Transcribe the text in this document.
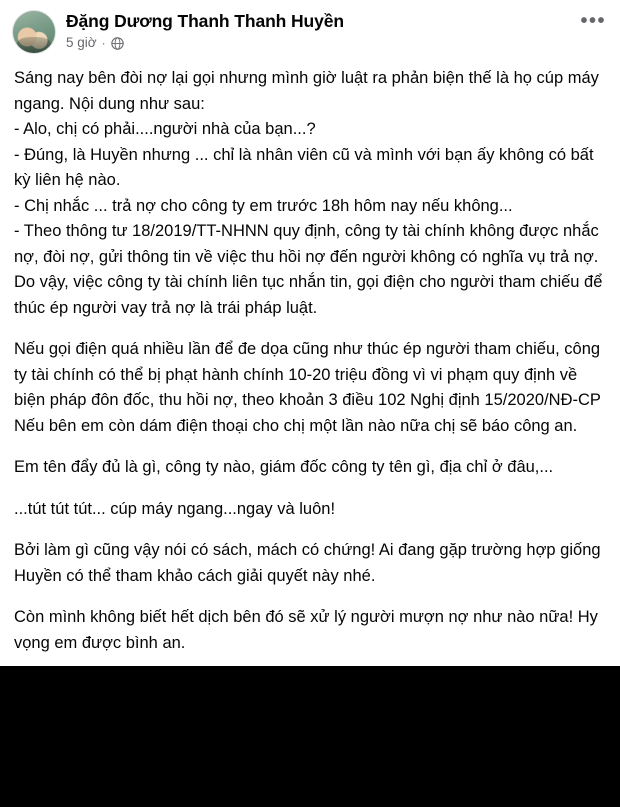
Đặng Dương Thanh Thanh Huyền
5 giờ ·
•••

Sáng nay bên đòi nợ lại gọi nhưng mình giờ luật ra phản biện thế là họ cúp máy ngang. Nội dung như sau:

- Alo, chị có phải....người nhà của bạn...?

- Đúng, là Huyền nhưng ... chỉ là nhân viên cũ và mình với bạn ấy không có bất kỳ liên hệ nào.

- Chị nhắc ... trả nợ cho công ty em trước 18h hôm nay nếu không...

- Theo thông tư 18/2019/TT-NHNN quy định, công ty tài chính không được nhắc nợ, đòi nợ, gửi thông tin về việc thu hồi nợ đến người không có nghĩa vụ trả nợ. Do vậy, việc công ty tài chính liên tục nhắn tin, gọi điện cho người tham chiếu để thúc ép người vay trả nợ là trái pháp luật.

Nếu gọi điện quá nhiều lần để đe dọa cũng như thúc ép người tham chiếu, công ty tài chính có thể bị phạt hành chính 10-20 triệu đồng vì vi phạm quy định về biện pháp đôn đốc, thu hồi nợ, theo khoản 3 điều 102 Nghị định 15/2020/NĐ-CP

Nếu bên em còn dám điện thoại cho chị một lần nào nữa chị sẽ báo công an.

Em tên đẩy đủ là gì, công ty nào, giám đốc công ty tên gì, địa chỉ ở đâu,...

...tút tút tút... cúp máy ngang...ngay và luôn!

Bởi làm gì cũng vậy nói có sách, mách có chứng! Ai đang gặp trường hợp giống Huyền có thể tham khảo cách giải quyết này nhé.

Còn mình không biết hết dịch bên đó sẽ xử lý người mượn nợ như nào nữa! Hy vọng em được bình an.
